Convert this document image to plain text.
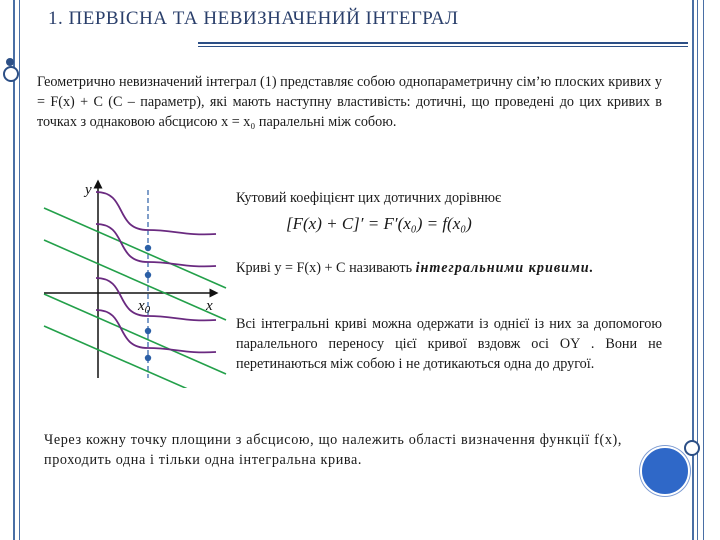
1. ПЕРВІСНА ТА НЕВИЗНАЧЕНИЙ ІНТЕГРАЛ
Геометрично невизначений інтеграл (1) представляє собою однопараметричну сім’ю плоских кривих y = F(x) + C (C – параметр), які мають наступну властивість: дотичні, що проведені до цих кривих в точках з однаковою абсцисою x = x₀ паралельні між собою.
y
x
$x_0$
Кутовий коефіцієнт цих дотичних дорівнює
[F(x) + C]′ = F′(x₀) = f(x₀)
Криві y = F(x) + C називають інтегральними кривими.
Всі інтегральні криві можна одержати із однієї із них за допомогою паралельного переносу цієї кривої вздовж осі OY . Вони не перетинаються між собою і не дотикаються одна до другої.
Через кожну точку площини з абсцисою, що належить області визначення функції f(x), проходить одна і тільки одна інтегральна крива.
